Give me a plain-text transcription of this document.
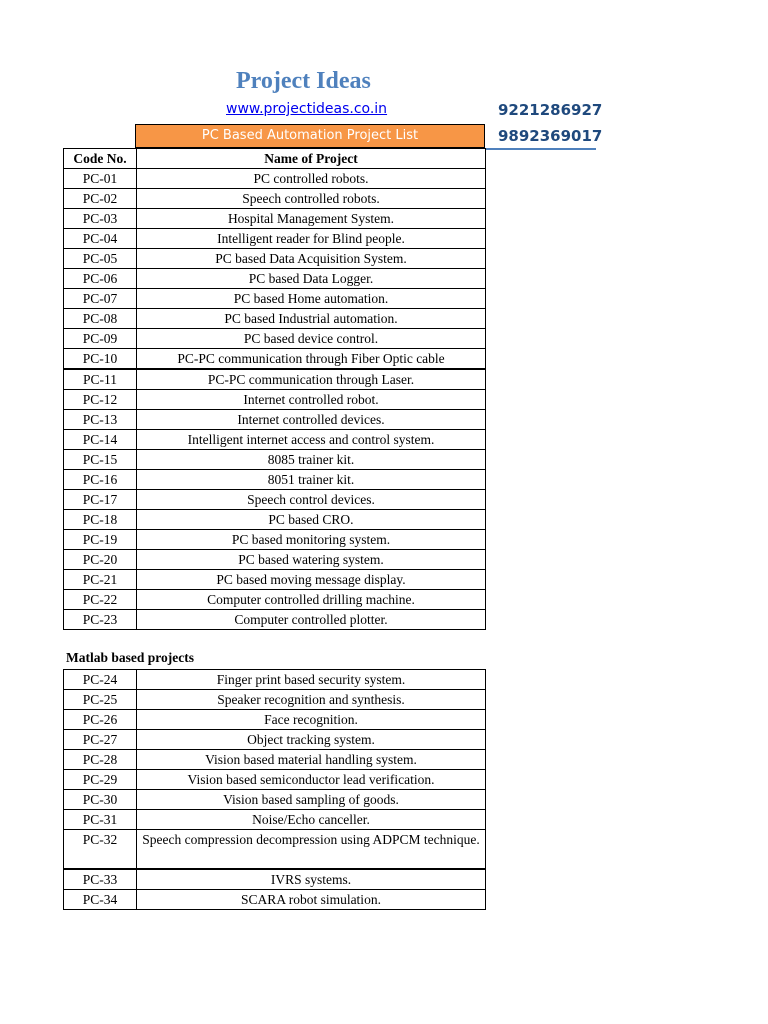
Project Ideas
www.projectideas.co.in	9221286927
9892369017
PC Based Automation Project List
Code No.	Name of Project
PC-01	PC controlled robots.
PC-02	Speech controlled robots.
PC-03	Hospital Management System.
PC-04	Intelligent reader for Blind people.
PC-05	PC based Data Acquisition System.
PC-06	PC based Data Logger.
PC-07	PC based Home automation.
PC-08	PC based Industrial automation.
PC-09	PC based device control.
PC-10	PC-PC communication through Fiber Optic cable
PC-11	PC-PC communication through Laser.
PC-12	Internet controlled robot.
PC-13	Internet controlled devices.
PC-14	Intelligent internet access and control system.
PC-15	8085 trainer kit.
PC-16	8051 trainer kit.
PC-17	Speech control devices.
PC-18	PC based CRO.
PC-19	PC based monitoring system.
PC-20	PC based watering system.
PC-21	PC based moving message display.
PC-22	Computer controlled drilling machine.
PC-23	Computer controlled plotter.
Matlab based projects
PC-24	Finger print based security system.
PC-25	Speaker recognition and synthesis.
PC-26	Face recognition.
PC-27	Object tracking system.
PC-28	Vision based material handling system.
PC-29	Vision based semiconductor lead verification.
PC-30	Vision based sampling of goods.
PC-31	Noise/Echo canceller.
PC-32	Speech compression decompression using ADPCM technique.
PC-33	IVRS systems.
PC-34	SCARA robot simulation.
